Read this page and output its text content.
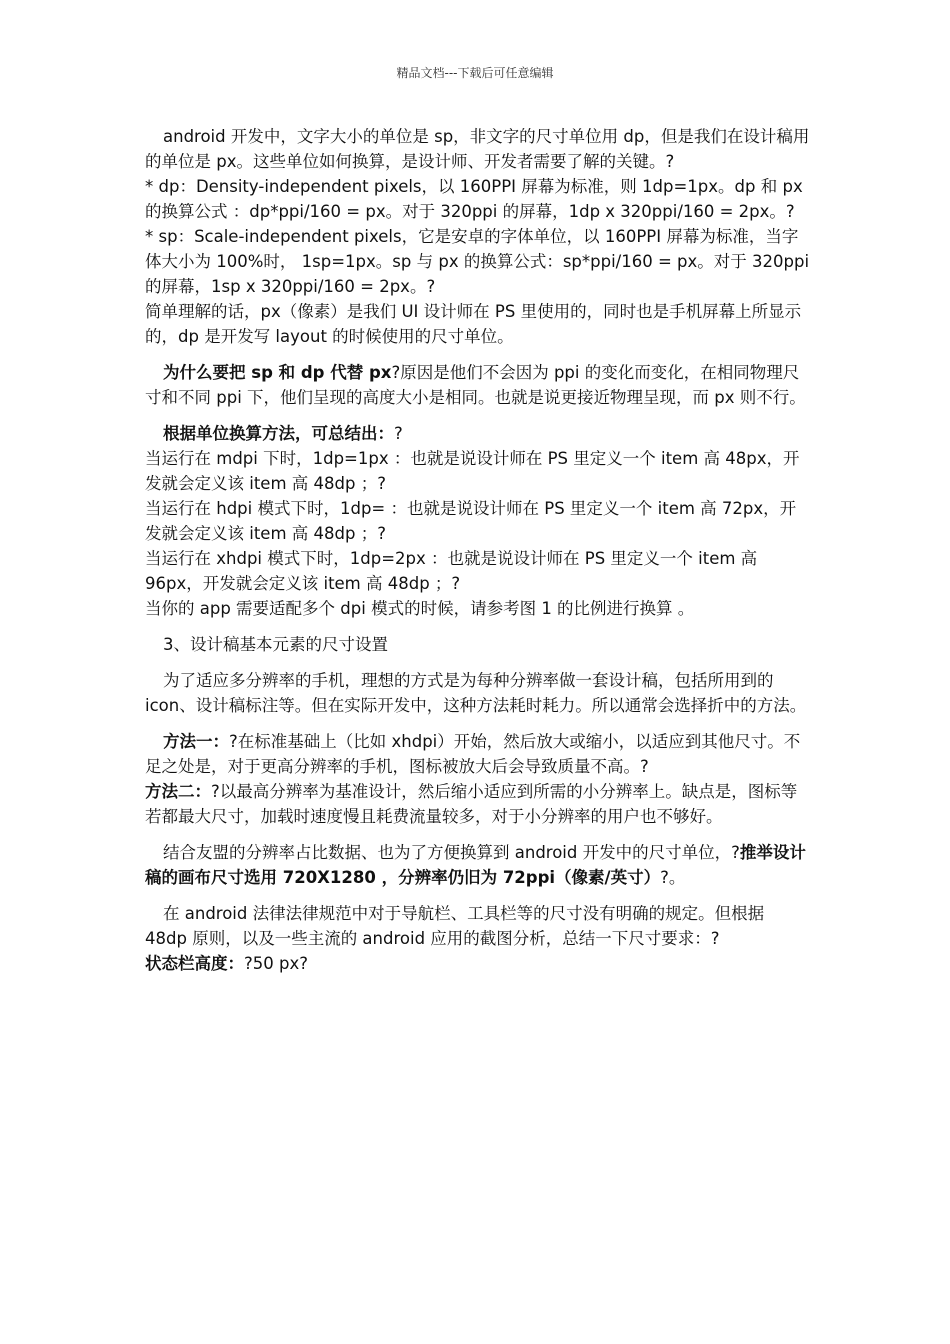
精品文档---下载后可任意编辑

android 开发中，文字大小的单位是 sp，非文字的尺寸单位用 dp，但是我们在设计稿用的单位是 px。这些单位如何换算，是设计师、开发者需要了解的关键。?

* dp：Density-independent pixels，以 160PPI 屏幕为标准，则 1dp=1px。dp 和 px 的换算公式 ：dp*ppi/160 = px。对于 320ppi 的屏幕，1dp x 320ppi/160 = 2px。?

* sp：Scale-independent pixels，它是安卓的字体单位，以 160PPI 屏幕为标准，当字体大小为 100%时， 1sp=1px。sp 与 px 的换算公式：sp*ppi/160 = px。对于 320ppi 的屏幕，1sp x 320ppi/160 = 2px。?

简单理解的话，px（像素）是我们 UI 设计师在 PS 里使用的，同时也是手机屏幕上所显示的，dp 是开发写 layout 的时候使用的尺寸单位。

为什么要把 sp 和 dp 代替 px?原因是他们不会因为 ppi 的变化而变化，在相同物理尺寸和不同 ppi 下，他们呈现的高度大小是相同。也就是说更接近物理呈现，而 px 则不行。

根据单位换算方法，可总结出：?

当运行在 mdpi 下时，1dp=1px ：也就是说设计师在 PS 里定义一个 item 高 48px，开发就会定义该 item 高 48dp ；?

当运行在 hdpi 模式下时，1dp= ：也就是说设计师在 PS 里定义一个 item 高 72px，开发就会定义该 item 高 48dp ；?

当运行在 xhdpi 模式下时，1dp=2px ：也就是说设计师在 PS 里定义一个 item 高 96px，开发就会定义该 item 高 48dp ；?

当你的 app 需要适配多个 dpi 模式的时候，请参考图 1 的比例进行换算 。

3、设计稿基本元素的尺寸设置

为了适应多分辨率的手机，理想的方式是为每种分辨率做一套设计稿，包括所用到的 icon、设计稿标注等。但在实际开发中，这种方法耗时耗力。所以通常会选择折中的方法。

方法一：?在标准基础上（比如 xhdpi）开始，然后放大或缩小，以适应到其他尺寸。不足之处是，对于更高分辨率的手机，图标被放大后会导致质量不高。?

方法二：?以最高分辨率为基准设计，然后缩小适应到所需的小分辨率上。缺点是，图标等若都最大尺寸，加载时速度慢且耗费流量较多，对于小分辨率的用户也不够好。

结合友盟的分辨率占比数据、也为了方便换算到 android 开发中的尺寸单位，?推举设计稿的画布尺寸选用 720X1280 ，分辨率仍旧为 72ppi（像素/英寸）?。

在 android 法律法律规范中对于导航栏、工具栏等的尺寸没有明确的规定。但根据 48dp 原则，以及一些主流的 android 应用的截图分析，总结一下尺寸要求：?

状态栏高度：?50 px?
